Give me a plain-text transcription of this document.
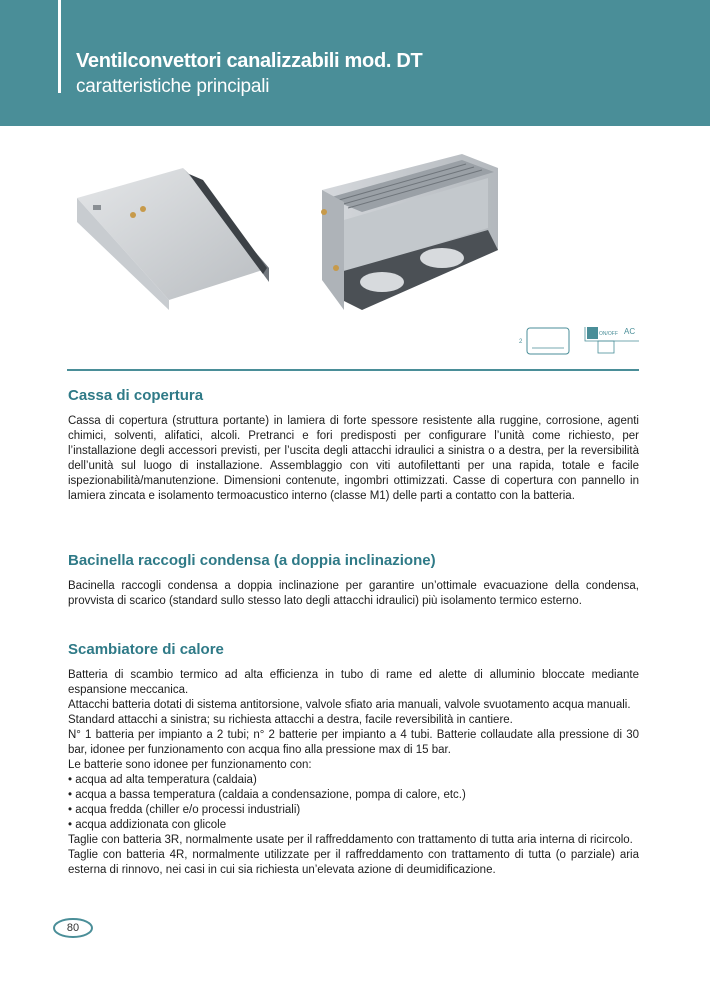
Ventilconvettori canalizzabili mod. DT
caratteristiche principali
2
ON/OFF AC
Cassa di copertura
Cassa di copertura (struttura portante) in lamiera di forte spessore resistente alla ruggine, corrosione, agenti chimici, solventi, alifatici, alcoli. Pretranci e fori predisposti per configurare l’unità come richiesto, per l’installazione degli accessori previsti, per l’uscita degli attacchi idraulici a sinistra o a destra, per la reversibilità dell’unità sul luogo di installazione. Assemblaggio con viti autofilettanti per una rapida, totale e facile ispezionabilità/manutenzione. Dimensioni contenute, ingombri ottimizzati. Casse di copertura con pannello in lamiera zincata e isolamento termoacustico interno (classe M1) delle parti a contatto con la batteria.
Bacinella raccogli condensa (a doppia inclinazione)
Bacinella raccogli condensa a doppia inclinazione per garantire un’ottimale evacuazione della condensa, provvista di scarico (standard sullo stesso lato degli attacchi idraulici) più isolamento termico esterno.
Scambiatore di calore

Batteria di scambio termico ad alta efficienza in tubo di rame ed alette di alluminio bloccate mediante espansione meccanica.

Attacchi batteria dotati di sistema antitorsione, valvole sfiato aria manuali, valvole svuotamento acqua manuali.

Standard attacchi a sinistra; su richiesta attacchi a destra, facile reversibilità in cantiere.

N° 1 batteria per impianto a 2 tubi; n° 2 batterie per impianto a 4 tubi. Batterie collaudate alla pressione di 30 bar, idonee per funzionamento con acqua fino alla pressione max di 15 bar.

Le batterie sono idonee per funzionamento con:

• acqua ad alta temperatura (caldaia)
• acqua a bassa temperatura (caldaia a condensazione, pompa di calore, etc.)
• acqua fredda (chiller e/o processi industriali)
• acqua addizionata con glicole

Taglie con batteria 3R, normalmente usate per il raffreddamento con trattamento di tutta aria interna di ricircolo.

Taglie con batteria 4R, normalmente utilizzate per il raffreddamento con trattamento di tutta (o parziale) aria esterna di rinnovo, nei casi in cui sia richiesta un’elevata azione di deumidificazione.

80
